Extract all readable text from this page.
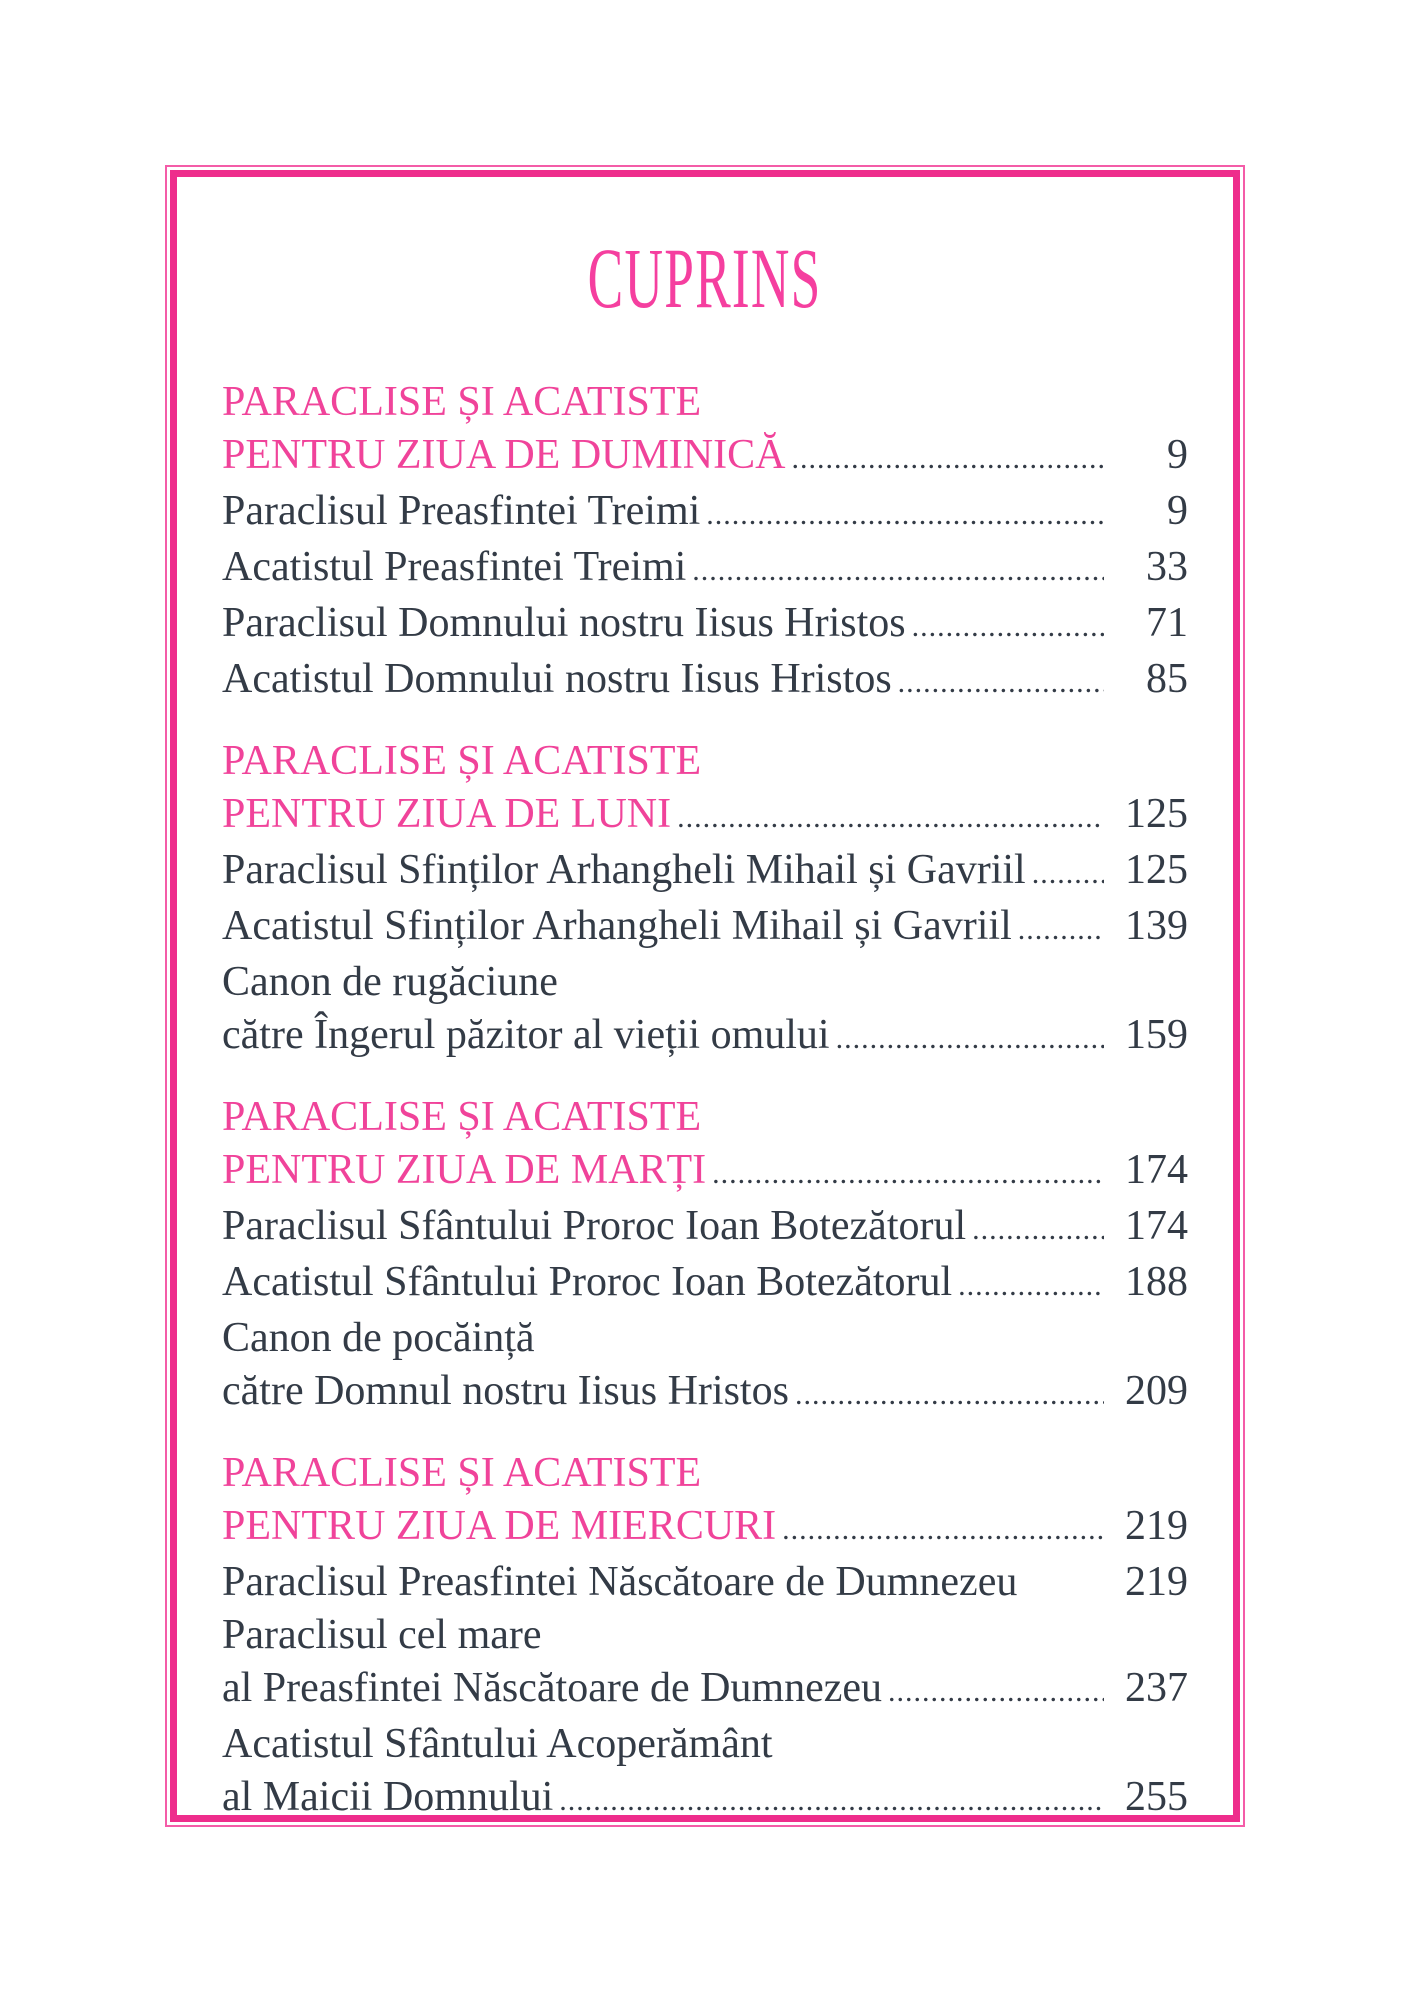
CUPRINS
PARACLISE ȘI ACATISTE
PENTRU ZIUA DE DUMINICĂ .....	9
Paraclisul Preasfintei Treimi .....	9
Acatistul Preasfintei Treimi .....	33
Paraclisul Domnului nostru Iisus Hristos .....	71
Acatistul Domnului nostru Iisus Hristos .....	85
PARACLISE ȘI ACATISTE
PENTRU ZIUA DE LUNI .....	125
Paraclisul Sfinților Arhangheli Mihail și Gavriil .....	125
Acatistul Sfinților Arhangheli Mihail și Gavriil .....	139
Canon de rugăciune
către Îngerul păzitor al vieții omului .....	159
PARACLISE ȘI ACATISTE
PENTRU ZIUA DE MARȚI .....	174
Paraclisul Sfântului Proroc Ioan Botezătorul .....	174
Acatistul Sfântului Proroc Ioan Botezătorul .....	188
Canon de pocăință
către Domnul nostru Iisus Hristos .....	209
PARACLISE ȘI ACATISTE
PENTRU ZIUA DE MIERCURI .....	219
Paraclisul Preasfintei Născătoare de Dumnezeu	219
Paraclisul cel mare
al Preasfintei Născătoare de Dumnezeu .....	237
Acatistul Sfântului Acoperământ
al Maicii Domnului .....	255
